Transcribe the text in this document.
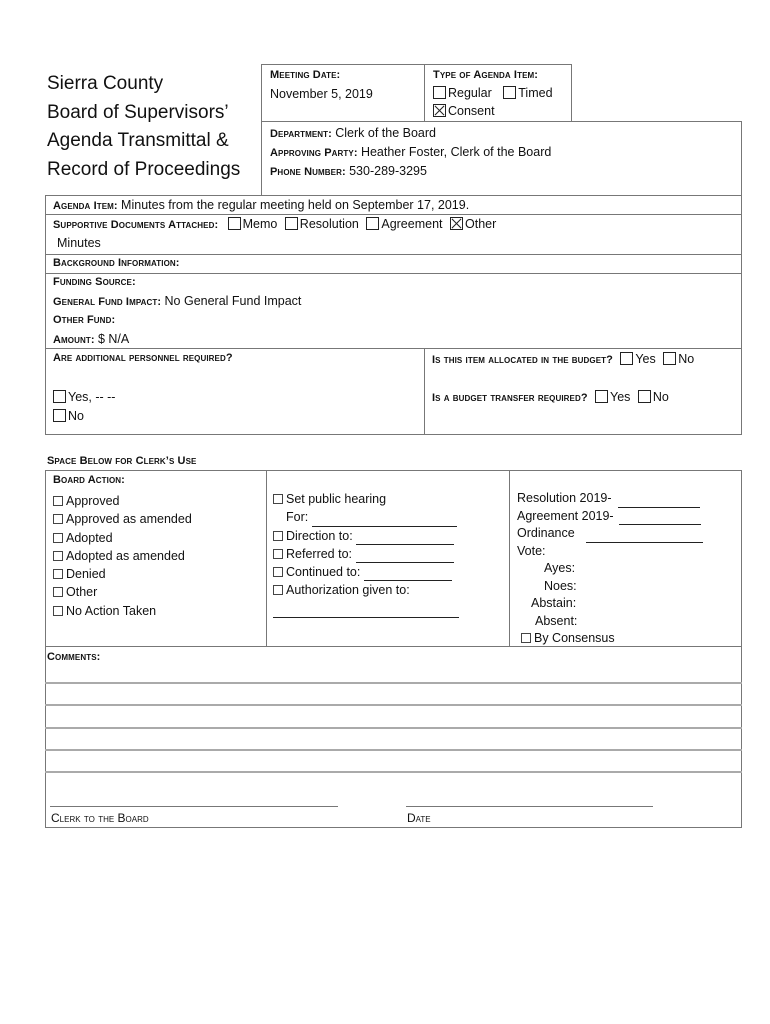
Sierra County
Board of Supervisors’
Agenda Transmittal &
Record of Proceedings
Meeting Date:
November 5, 2019
Type of Agenda Item:
Regular Timed
Consent
Department: Clerk of the Board
Approving Party: Heather Foster, Clerk of the Board
Phone Number: 530-289-3295
Agenda Item: Minutes from the regular meeting held on September 17, 2019.
Supportive Documents Attached: Memo Resolution Agreement Other
Minutes
Background Information:
Funding Source:
General Fund Impact: No General Fund Impact
Other Fund:
Amount: $ N/A
Are additional personnel required?
Yes, -- --
No
Is this item allocated in the budget? Yes No
Is a budget transfer required? Yes No
Space Below for Clerk’s Use
Board Action:
Approved
Approved as amended
Adopted
Adopted as amended
Denied
Other
No Action Taken
Set public hearing
For:
Direction to:
Referred to:
Continued to:
Authorization given to:
Resolution 2019-
Agreement 2019-
Ordinance
Vote:
Ayes:
Noes:
Abstain:
Absent:
By Consensus
Comments:
Clerk to the Board	Date
